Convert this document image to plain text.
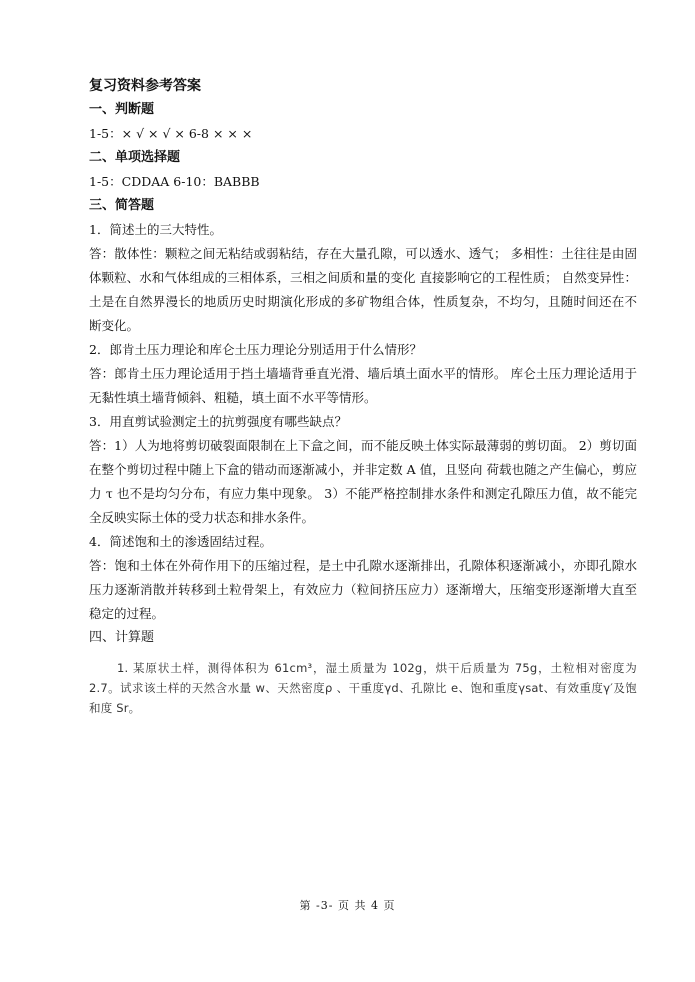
复习资料参考答案

一、判断题

1-5：× √ × √ × 6-8 × × ×

二、单项选择题

1-5：CDDAA 6-10：BABBB

三、简答题

1．简述土的三大特性。

答：散体性：颗粒之间无粘结或弱粘结，存在大量孔隙，可以透水、透气； 多相性：土往往是由固体颗粒、水和气体组成的三相体系，三相之间质和量的变化 直接影响它的工程性质； 自然变异性：土是在自然界漫长的地质历史时期演化形成的多矿物组合体，性质复杂，不均匀，且随时间还在不断变化。

2．郎肯土压力理论和库仑土压力理论分别适用于什么情形？

答：郎肯土压力理论适用于挡土墙墙背垂直光滑、墙后填土面水平的情形。 库仑土压力理论适用于无黏性填土墙背倾斜、粗糙，填土面不水平等情形。

3．用直剪试验测定土的抗剪强度有哪些缺点？

答：1）人为地将剪切破裂面限制在上下盒之间，而不能反映土体实际最薄弱的剪切面。 2）剪切面在整个剪切过程中随上下盒的错动而逐渐减小，并非定数 A 值，且竖向 荷载也随之产生偏心，剪应力 τ 也不是均匀分布，有应力集中现象。 3）不能严格控制排水条件和测定孔隙压力值，故不能完全反映实际土体的受力状态和排水条件。

4．简述饱和土的渗透固结过程。

答：饱和土体在外荷作用下的压缩过程，是土中孔隙水逐渐排出，孔隙体积逐渐减小，亦即孔隙水压力逐渐消散并转移到土粒骨架上，有效应力（粒间挤压应力）逐渐增大，压缩变形逐渐增大直至稳定的过程。

四、计算题

1. 某原状土样，测得体积为 61cm³，湿土质量为 102g，烘干后质量为 75g，土粒相对密度为 2.7。试求该土样的天然含水量 w、天然密度ρ 、干重度γd、孔隙比 e、饱和重度γsat、有效重度γ′及饱和度 Sr。
第 -3- 页 共 4 页
